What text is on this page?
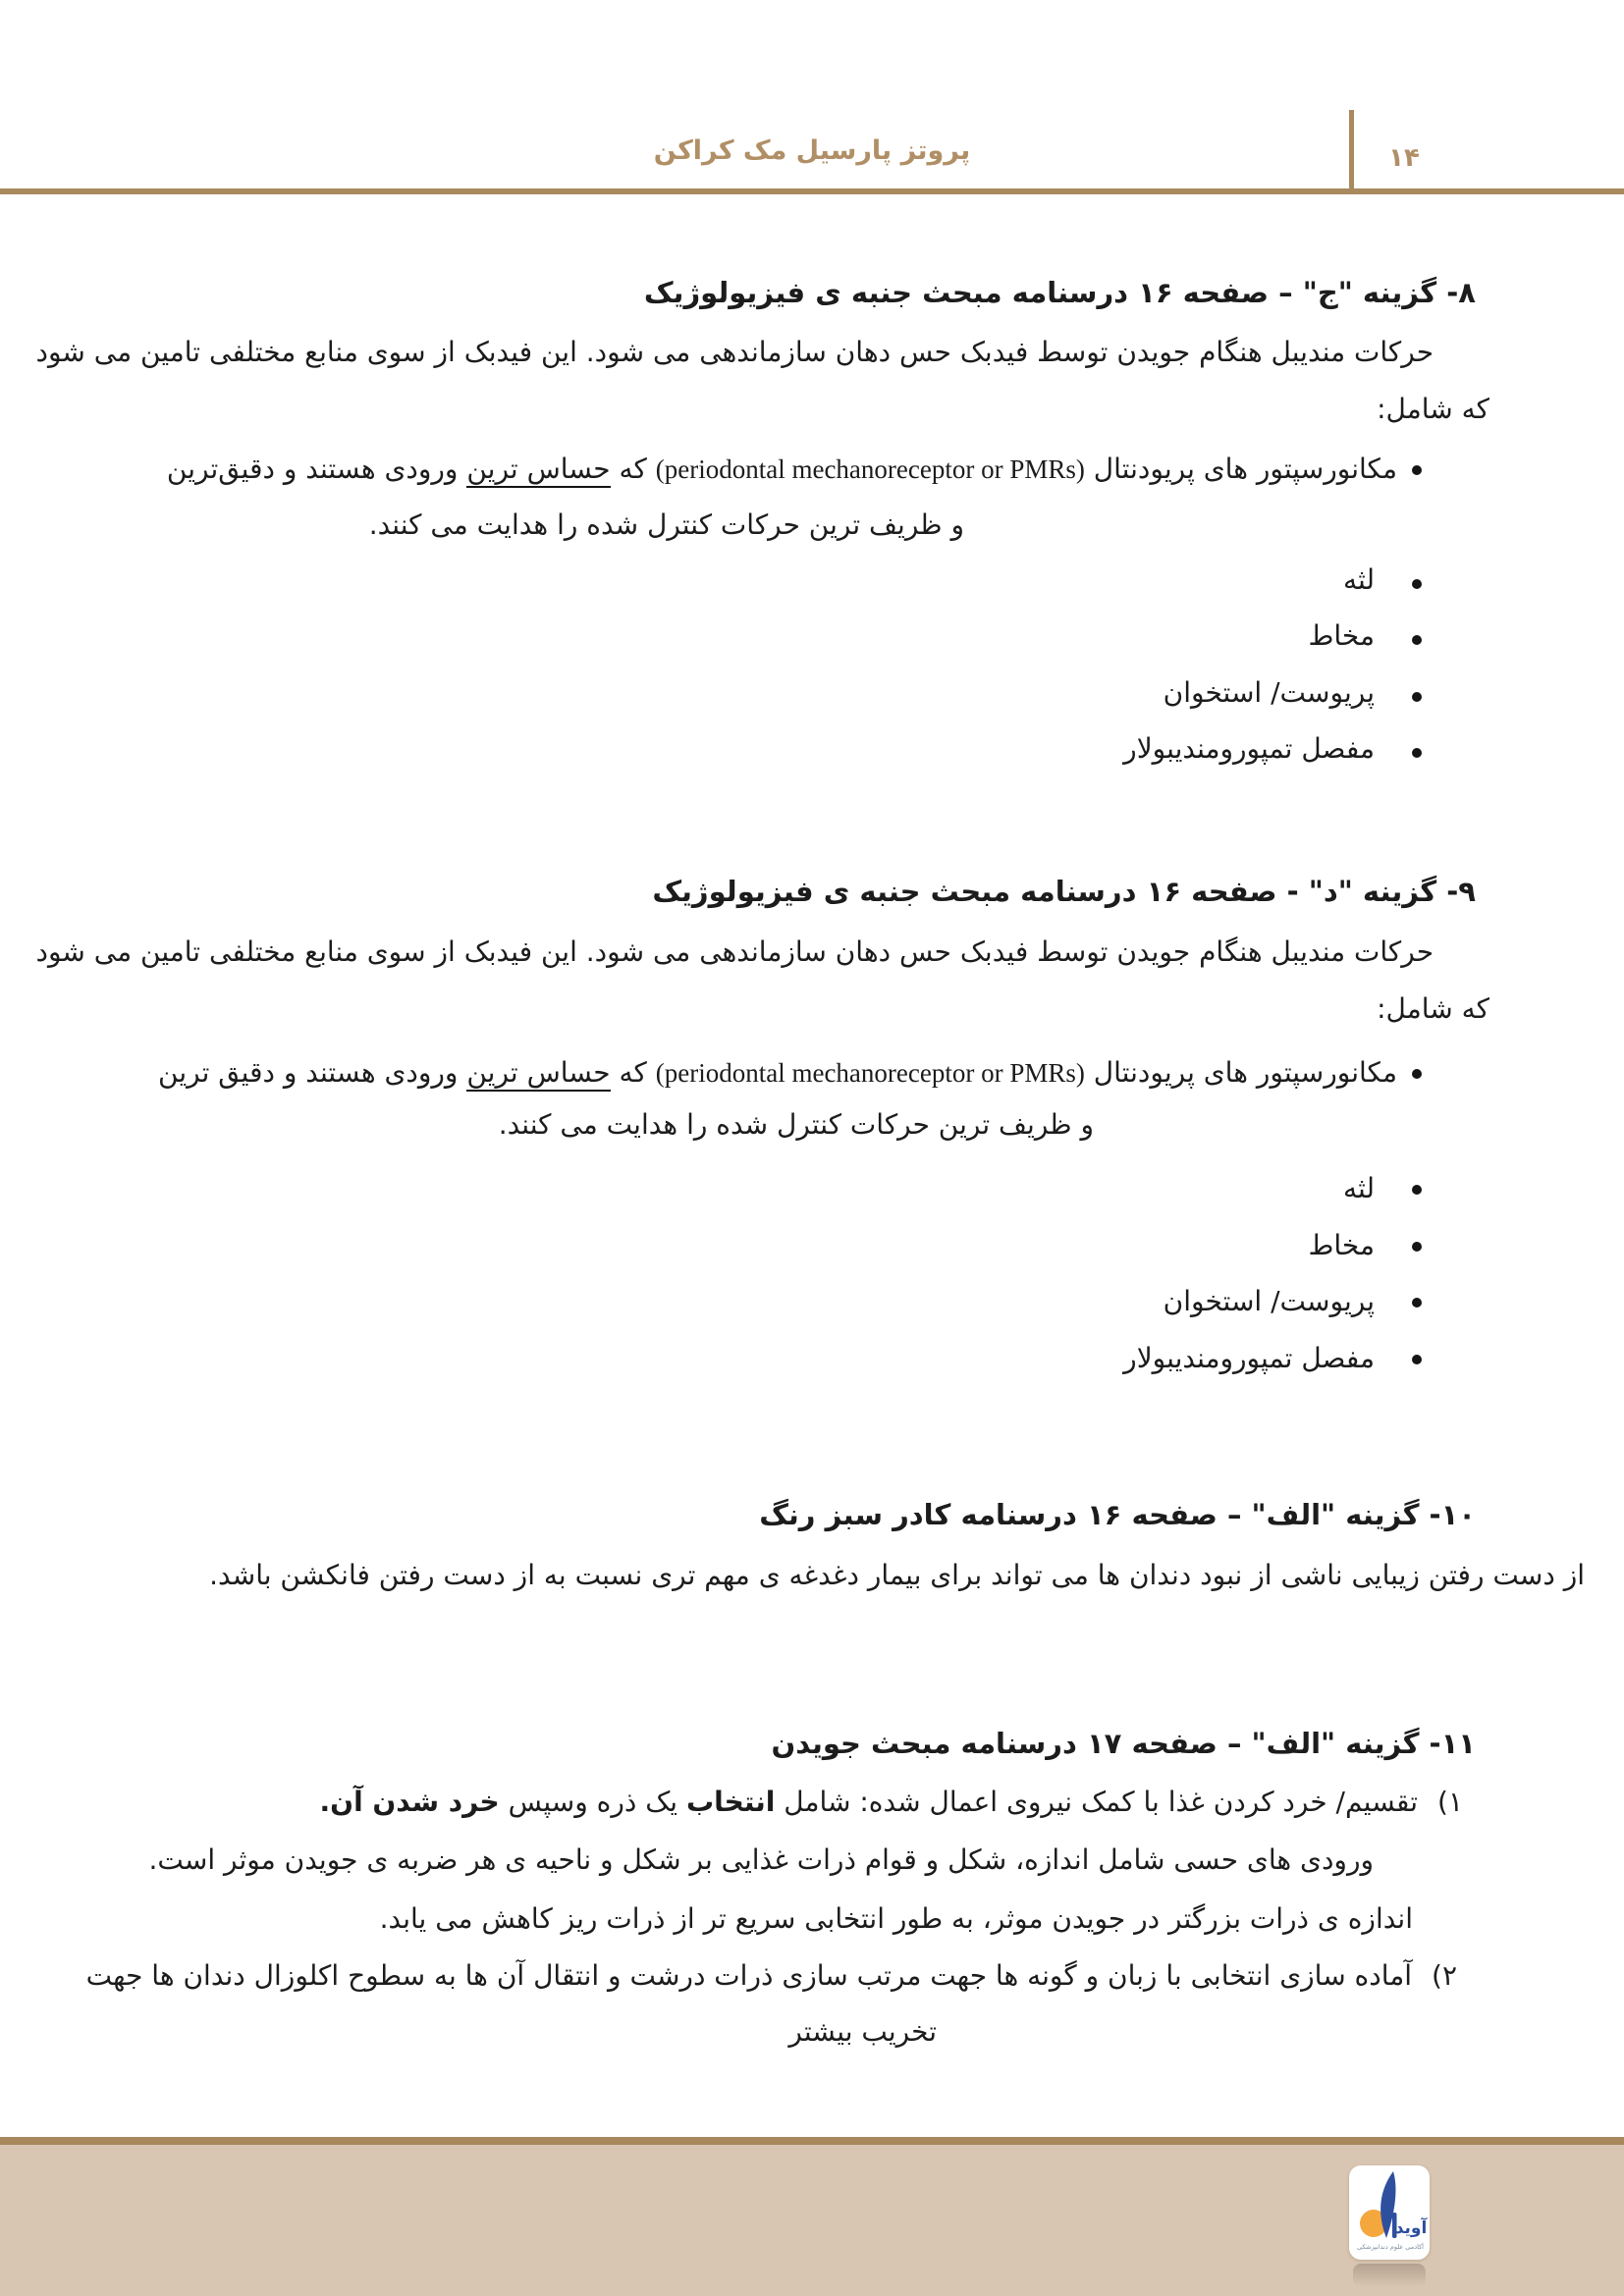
پروتز پارسیل مک کراکن	۱۴
۸- گزینه "ج" – صفحه ۱۶ درسنامه مبحث جنبه ی فیزیولوژیک
حرکات مندیبل هنگام جویدن توسط فیدبک حس دهان سازماندهی می شود. این فیدبک از سوی منابع مختلفی تامین می شود
که شامل:
مکانورسپتور های پریودنتال (periodontal mechanoreceptor or PMRs) که حساس ترین ورودی هستند و دقیق‌ترین
و ظریف ترین حرکات کنترل شده را هدایت می کنند.
لثه
مخاط
پریوست/ استخوان
مفصل تمپورومندیبولار
۹- گزینه "د" - صفحه ۱۶ درسنامه مبحث جنبه ی فیزیولوژیک
حرکات مندیبل هنگام جویدن توسط فیدبک حس دهان سازماندهی می شود. این فیدبک از سوی منابع مختلفی تامین می شود
که شامل:
مکانورسپتور های پریودنتال (periodontal mechanoreceptor or PMRs) که حساس ترین ورودی هستند و دقیق ترین
و ظریف ترین حرکات کنترل شده را هدایت می کنند.
لثه
مخاط
پریوست/ استخوان
مفصل تمپورومندیبولار
۱۰- گزینه "الف" – صفحه ۱۶ درسنامه کادر سبز رنگ
از دست رفتن زیبایی ناشی از نبود دندان ها می تواند برای بیمار دغدغه ی مهم تری نسبت به از دست رفتن فانکشن باشد.
۱۱- گزینه "الف" – صفحه ۱۷ درسنامه مبحث جویدن
۱)تقسیم/ خرد کردن غذا با کمک نیروی اعمال شده: شامل انتخاب یک ذره وسپس خرد شدن آن.
ورودی های حسی شامل اندازه، شکل و قوام ذرات غذایی بر شکل و ناحیه ی هر ضربه ی جویدن موثر است.
اندازه ی ذرات بزرگتر در جویدن موثر، به طور انتخابی سریع تر از ذرات ریز کاهش می یابد.
۲)آماده سازی انتخابی با زبان و گونه ها جهت مرتب سازی ذرات درشت و انتقال آن ها به سطوح اکلوزال دندان ها جهت
تخریب بیشتر
آوید
آکادمی علوم دندانپزشکی
